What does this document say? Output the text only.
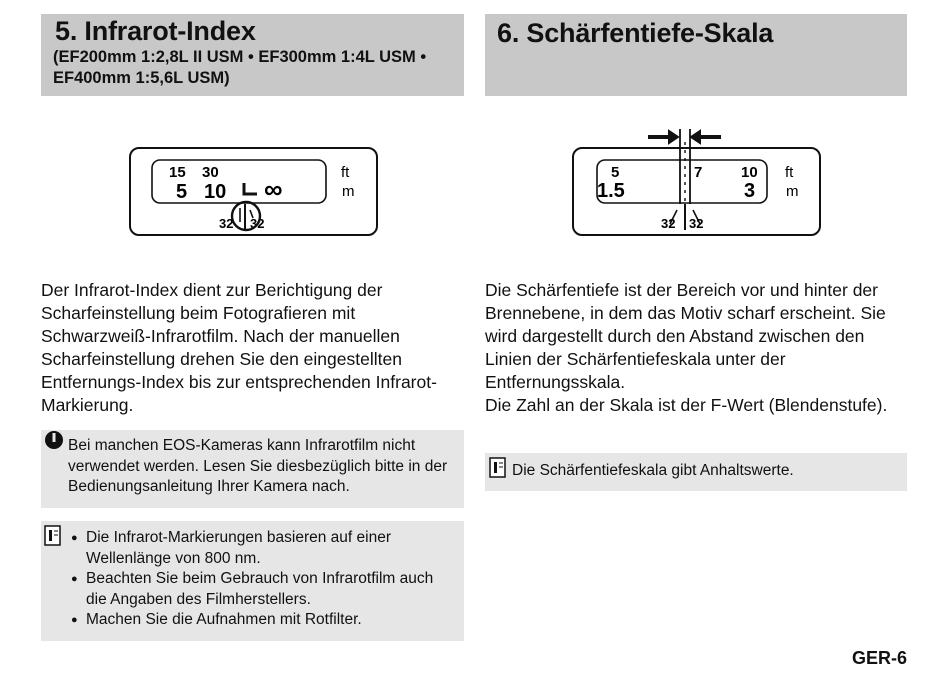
5. Infrarot-Index
(EF200mm 1:2,8L II USM • EF300mm 1:4L USM • EF400mm 1:5,6L USM)
6. Schärfentiefe-Skala
15 30
5 10 ∞
ft
m
32 32
5	7	10
1.5	3
ft
m
32 32
Der Infrarot-Index dient zur Berichtigung der Scharfeinstellung beim Fotografieren mit Schwarzweiß-Infrarotfilm. Nach der manuellen Scharfeinstellung drehen Sie den eingestellten Entfernungs-Index bis zur entsprechenden Infrarot-Markierung.
Bei manchen EOS-Kameras kann Infrarotfilm nicht verwendet werden. Lesen Sie diesbezüglich bitte in der Bedienungsanleitung Ihrer Kamera nach.
● Die Infrarot-Markierungen basieren auf einer Wellenlänge von 800 nm.
● Beachten Sie beim Gebrauch von Infrarotfilm auch die Angaben des Filmherstellers.
● Machen Sie die Aufnahmen mit Rotfilter.
Die Schärfentiefe ist der Bereich vor und hinter der Brennebene, in dem das Motiv scharf erscheint. Sie wird dargestellt durch den Abstand zwischen den Linien der Schärfentiefeskala unter der Entfernungsskala.
Die Zahl an der Skala ist der F-Wert (Blendenstufe).
Die Schärfentiefeskala gibt Anhaltswerte.
GER-6
